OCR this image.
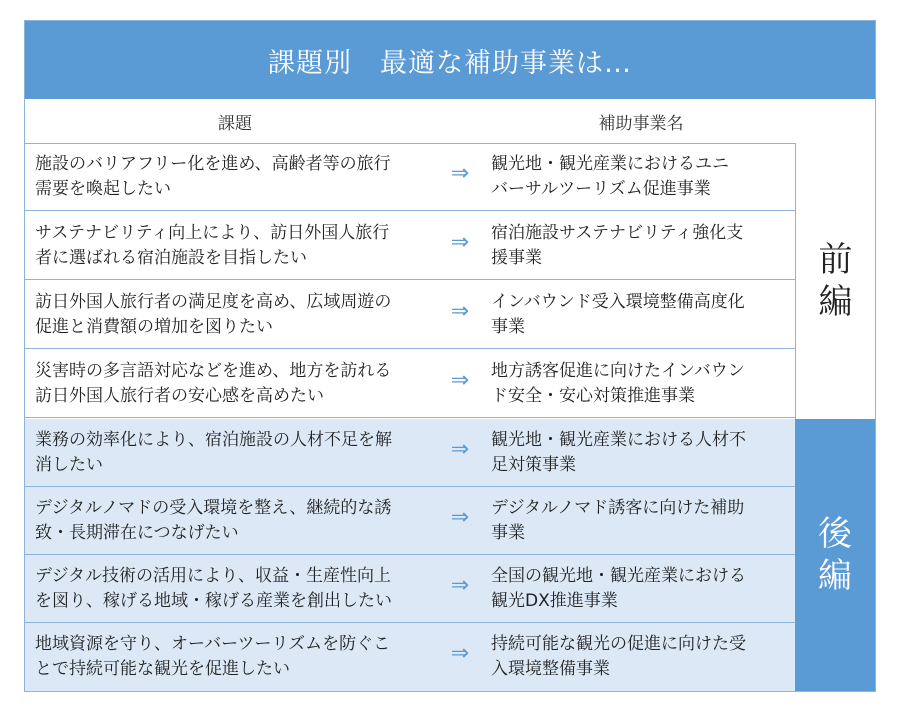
課題別　最適な補助事業は…
課題	補助事業名
施設のバリアフリー化を進め、高齢者等の旅行
需要を喚起したい
⇒	観光地・観光産業におけるユニ
バーサルツーリズム促進事業
サステナビリティ向上により、訪日外国人旅行
者に選ばれる宿泊施設を目指したい
⇒	宿泊施設サステナビリティ強化支
援事業
訪日外国人旅行者の満足度を高め、広域周遊の
促進と消費額の増加を図りたい
⇒	インバウンド受入環境整備高度化
事業
災害時の多言語対応などを進め、地方を訪れる
訪日外国人旅行者の安心感を高めたい
⇒	地方誘客促進に向けたインバウン
ド安全・安心対策推進事業
業務の効率化により、宿泊施設の人材不足を解
消したい
⇒	観光地・観光産業における人材不
足対策事業
デジタルノマドの受入環境を整え、継続的な誘
致・長期滞在につなげたい
⇒	デジタルノマド誘客に向けた補助
事業
デジタル技術の活用により、収益・生産性向上
を図り、稼げる地域・稼げる産業を創出したい
⇒	全国の観光地・観光産業における
観光DX推進事業
地域資源を守り、オーバーツーリズムを防ぐこ
とで持続可能な観光を促進したい
⇒	持続可能な観光の促進に向けた受
入環境整備事業
前
編
後
編
